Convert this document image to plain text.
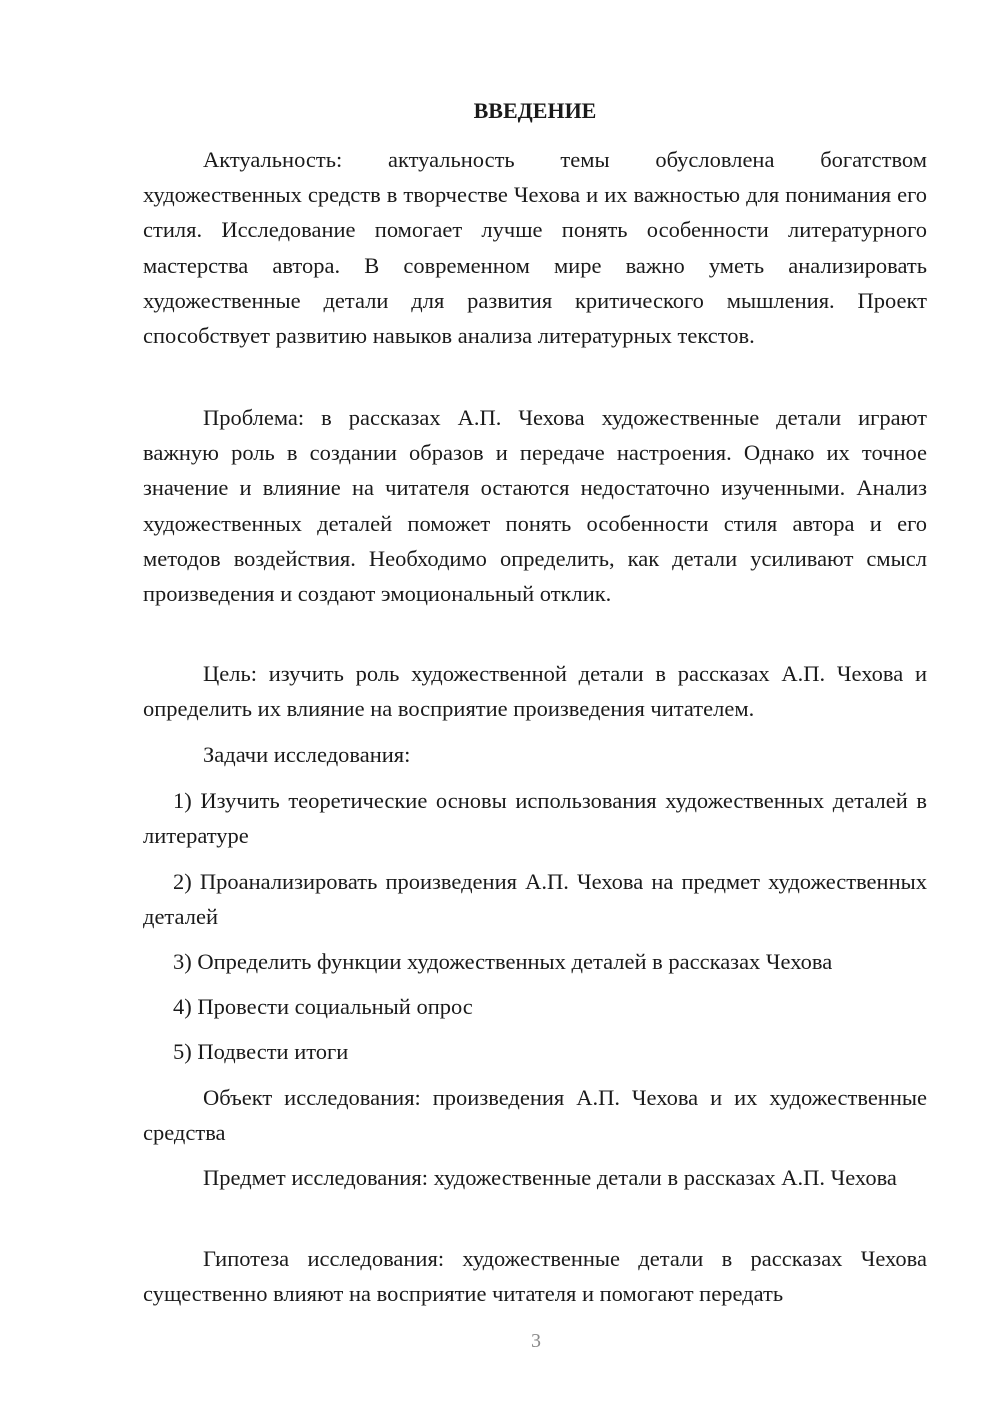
ВВЕДЕНИЕ

Актуальность: актуальность темы обусловлена богатством художественных средств в творчестве Чехова и их важностью для понимания его стиля. Исследование помогает лучше понять особенности литературного мастерства автора. В современном мире важно уметь анализировать художественные детали для развития критического мышления. Проект способствует развитию навыков анализа литературных текстов.

Проблема: в рассказах А.П. Чехова художественные детали играют важную роль в создании образов и передаче настроения. Однако их точное значение и влияние на читателя остаются недостаточно изученными. Анализ художественных деталей поможет понять особенности стиля автора и его методов воздействия. Необходимо определить, как детали усиливают смысл произведения и создают эмоциональный отклик.

Цель: изучить роль художественной детали в рассказах А.П. Чехова и определить их влияние на восприятие произведения читателем.

Задачи исследования:

1) Изучить теоретические основы использования художественных деталей в литературе

2) Проанализировать произведения А.П. Чехова на предмет художественных деталей

3) Определить функции художественных деталей в рассказах Чехова

4) Провести социальный опрос

5) Подвести итоги

Объект исследования: произведения А.П. Чехова и их художественные средства

Предмет исследования: художественные детали в рассказах А.П. Чехова

Гипотеза исследования: художественные детали в рассказах Чехова существенно влияют на восприятие читателя и помогают передать

3
